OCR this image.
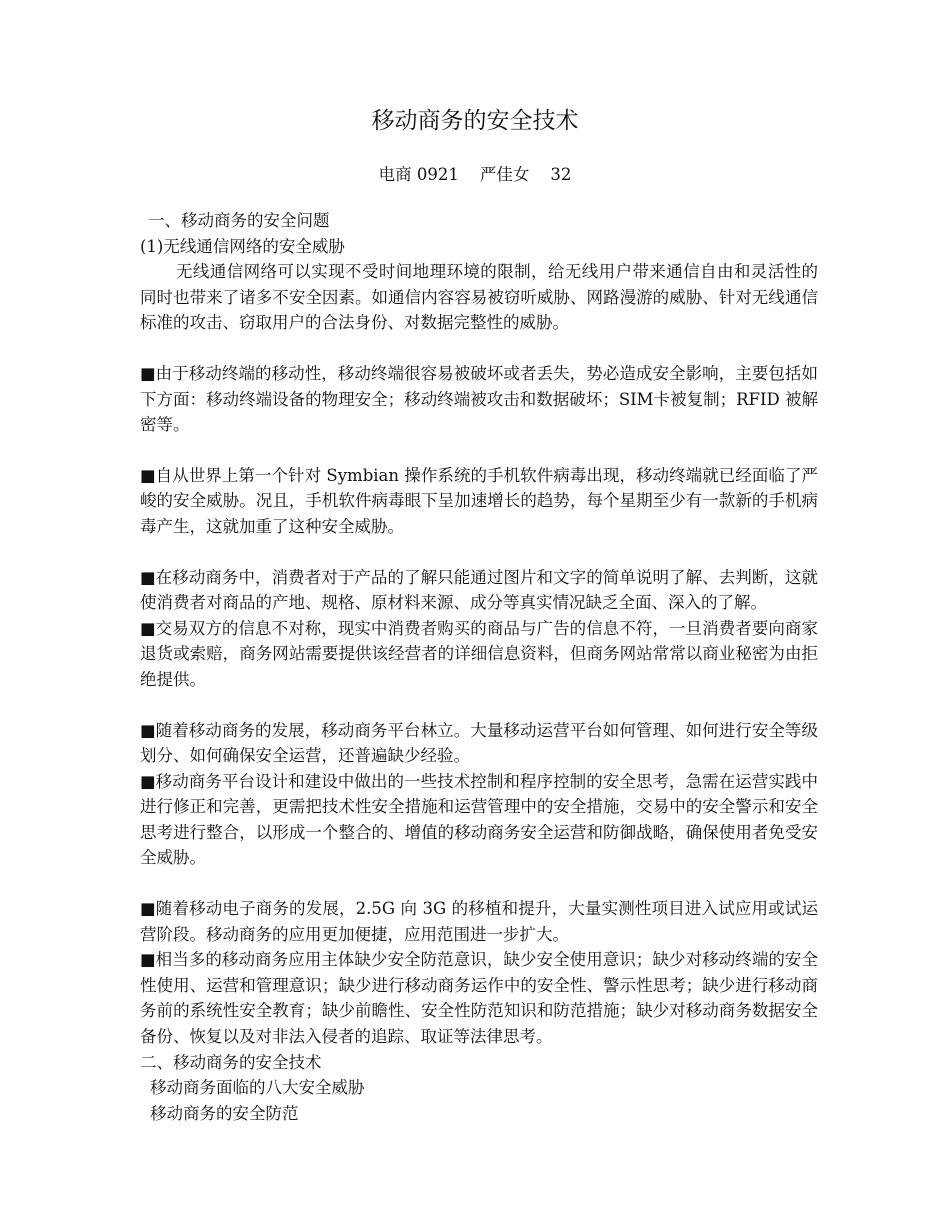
移动商务的安全技术
电商 0921    严佳女    32
一、移动商务的安全问题
(1)无线通信网络的安全威胁

无线通信网络可以实现不受时间地理环境的限制，给无线用户带来通信自由和灵活性的同时也带来了诸多不安全因素。如通信内容容易被窃听威胁、网路漫游的威胁、针对无线通信标准的攻击、窃取用户的合法身份、对数据完整性的威胁。

■由于移动终端的移动性，移动终端很容易被破坏或者丢失，势必造成安全影响，主要包括如下方面：移动终端设备的物理安全；移动终端被攻击和数据破坏；SIM卡被复制；RFID 被解密等。

■自从世界上第一个针对 Symbian 操作系统的手机软件病毒出现，移动终端就已经面临了严峻的安全威胁。况且，手机软件病毒眼下呈加速增长的趋势，每个星期至少有一款新的手机病毒产生，这就加重了这种安全威胁。

■在移动商务中，消费者对于产品的了解只能通过图片和文字的简单说明了解、去判断，这就使消费者对商品的产地、规格、原材料来源、成分等真实情况缺乏全面、深入的了解。

■交易双方的信息不对称，现实中消费者购买的商品与广告的信息不符，一旦消费者要向商家退货或索赔，商务网站需要提供该经营者的详细信息资料，但商务网站常常以商业秘密为由拒绝提供。

■随着移动商务的发展，移动商务平台林立。大量移动运营平台如何管理、如何进行安全等级划分、如何确保安全运营，还普遍缺少经验。

■移动商务平台设计和建设中做出的一些技术控制和程序控制的安全思考，急需在运营实践中进行修正和完善，更需把技术性安全措施和运营管理中的安全措施，交易中的安全警示和安全思考进行整合，以形成一个整合的、增值的移动商务安全运营和防御战略，确保使用者免受安全威胁。

■随着移动电子商务的发展，2.5G 向 3G 的移植和提升，大量实测性项目进入试应用或试运营阶段。移动商务的应用更加便捷，应用范围进一步扩大。

■相当多的移动商务应用主体缺少安全防范意识，缺少安全使用意识；缺少对移动终端的安全性使用、运营和管理意识；缺少进行移动商务运作中的安全性、警示性思考；缺少进行移动商务前的系统性安全教育；缺少前瞻性、安全性防范知识和防范措施；缺少对移动商务数据安全备份、恢复以及对非法入侵者的追踪、取证等法律思考。

二、移动商务的安全技术
移动商务面临的八大安全威胁
移动商务的安全防范
